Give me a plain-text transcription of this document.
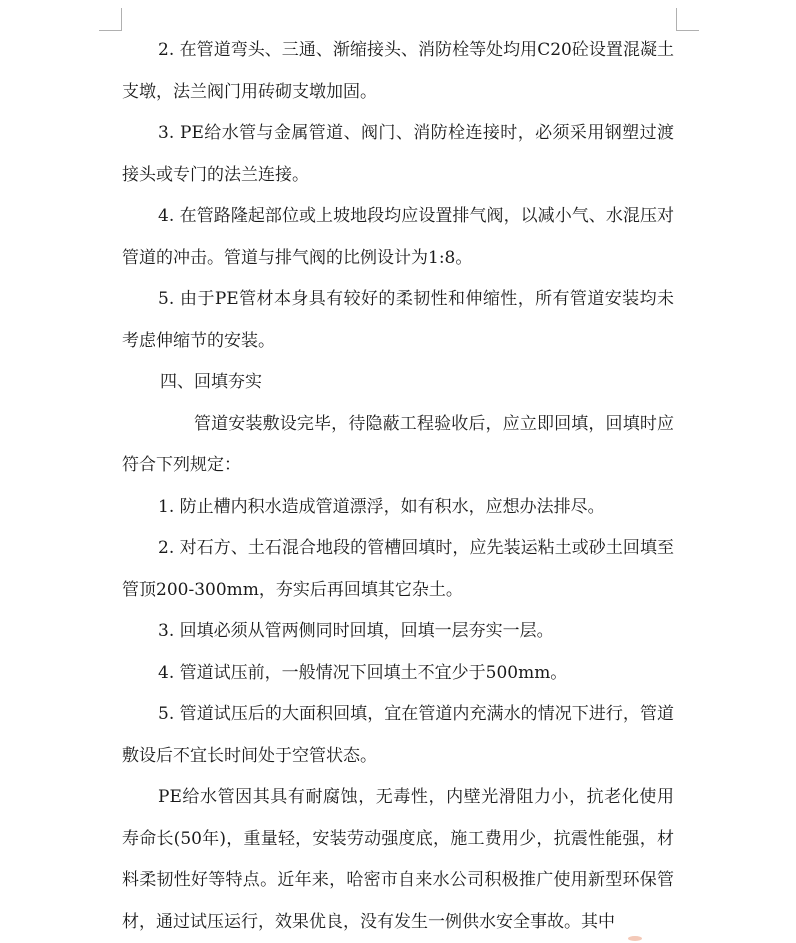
2. 在管道弯头、三通、渐缩接头、消防栓等处均用C20砼设置混凝土支墩，法兰阀门用砖砌支墩加固。

3. PE给水管与金属管道、阀门、消防栓连接时，必须采用钢塑过渡接头或专门的法兰连接。

4. 在管路隆起部位或上坡地段均应设置排气阀，以减小气、水混压对管道的冲击。管道与排气阀的比例设计为1:8。

5. 由于PE管材本身具有较好的柔韧性和伸缩性，所有管道安装均未考虑伸缩节的安装。

四、回填夯实

管道安装敷设完毕，待隐蔽工程验收后，应立即回填，回填时应符合下列规定：

1. 防止槽内积水造成管道漂浮，如有积水，应想办法排尽。

2. 对石方、土石混合地段的管槽回填时，应先装运粘土或砂土回填至管顶200-300mm，夯实后再回填其它杂土。

3. 回填必须从管两侧同时回填，回填一层夯实一层。

4. 管道试压前，一般情况下回填土不宜少于500mm。

5. 管道试压后的大面积回填，宜在管道内充满水的情况下进行，管道敷设后不宜长时间处于空管状态。

PE给水管因其具有耐腐蚀，无毒性，内壁光滑阻力小，抗老化使用寿命长(50年)，重量轻，安装劳动强度底，施工费用少，抗震性能强，材料柔韧性好等特点。近年来，哈密市自来水公司积极推广使用新型环保管材，通过试压运行，效果优良，没有发生一例供水安全事故。其中
